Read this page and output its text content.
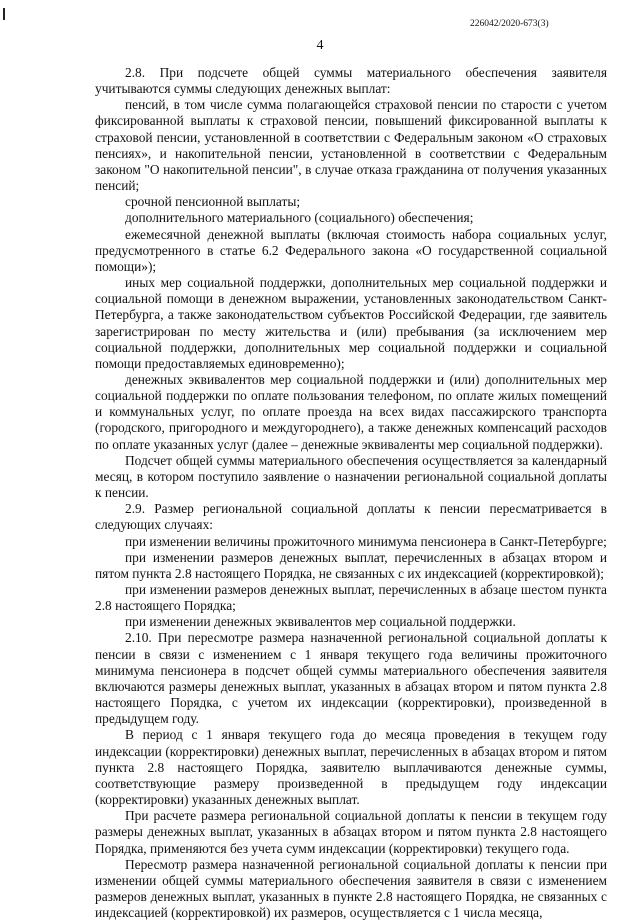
226042/2020-673(3)
4

2.8. При подсчете общей суммы материального обеспечения заявителя учитываются суммы следующих денежных выплат:

пенсий, в том числе сумма полагающейся страховой пенсии по старости с учетом фиксированной выплаты к страховой пенсии, повышений фиксированной выплаты к страховой пенсии, установленной в соответствии с Федеральным законом «О страховых пенсиях», и накопительной пенсии, установленной в соответствии с Федеральным законом "О накопительной пенсии", в случае отказа гражданина от получения указанных пенсий;

срочной пенсионной выплаты;

дополнительного материального (социального) обеспечения;

ежемесячной денежной выплаты (включая стоимость набора социальных услуг, предусмотренного в статье 6.2 Федерального закона «О государственной социальной помощи»);

иных мер социальной поддержки, дополнительных мер социальной поддержки и социальной помощи в денежном выражении, установленных законодательством Санкт-Петербурга, а также законодательством субъектов Российской Федерации, где заявитель зарегистрирован по месту жительства и (или) пребывания (за исключением мер социальной поддержки, дополнительных мер социальной поддержки и социальной помощи предоставляемых единовременно);

денежных эквивалентов мер социальной поддержки и (или) дополнительных мер социальной поддержки по оплате пользования телефоном, по оплате жилых помещений и коммунальных услуг, по оплате проезда на всех видах пассажирского транспорта (городского, пригородного и междугороднего), а также денежных компенсаций расходов по оплате указанных услуг (далее – денежные эквиваленты мер социальной поддержки).

Подсчет общей суммы материального обеспечения осуществляется за календарный месяц, в котором поступило заявление о назначении региональной социальной доплаты к пенсии.

2.9. Размер региональной социальной доплаты к пенсии пересматривается в следующих случаях:

при изменении величины прожиточного минимума пенсионера в Санкт-Петербурге;

при изменении размеров денежных выплат, перечисленных в абзацах втором и пятом пункта 2.8 настоящего Порядка, не связанных с их индексацией (корректировкой);

при изменении размеров денежных выплат, перечисленных в абзаце шестом пункта 2.8 настоящего Порядка;

при изменении денежных эквивалентов мер социальной поддержки.

2.10. При пересмотре размера назначенной региональной социальной доплаты к пенсии в связи с изменением с 1 января текущего года величины прожиточного минимума пенсионера в подсчет общей суммы материального обеспечения заявителя включаются размеры денежных выплат, указанных в абзацах втором и пятом пункта 2.8 настоящего Порядка, с учетом их индексации (корректировки), произведенной в предыдущем году.

В период с 1 января текущего года до месяца проведения в текущем году индексации (корректировки) денежных выплат, перечисленных в абзацах втором и пятом пункта 2.8 настоящего Порядка, заявителю выплачиваются денежные суммы, соответствующие размеру произведенной в предыдущем году индексации (корректировки) указанных денежных выплат.

При расчете размера региональной социальной доплаты к пенсии в текущем году размеры денежных выплат, указанных в абзацах втором и пятом пункта 2.8 настоящего Порядка, применяются без учета сумм индексации (корректировки) текущего года.

Пересмотр размера назначенной региональной социальной доплаты к пенсии при изменении общей суммы материального обеспечения заявителя в связи с изменением размеров денежных выплат, указанных в пункте 2.8 настоящего Порядка, не связанных с индексацией (корректировкой) их размеров, осуществляется с 1 числа месяца,
